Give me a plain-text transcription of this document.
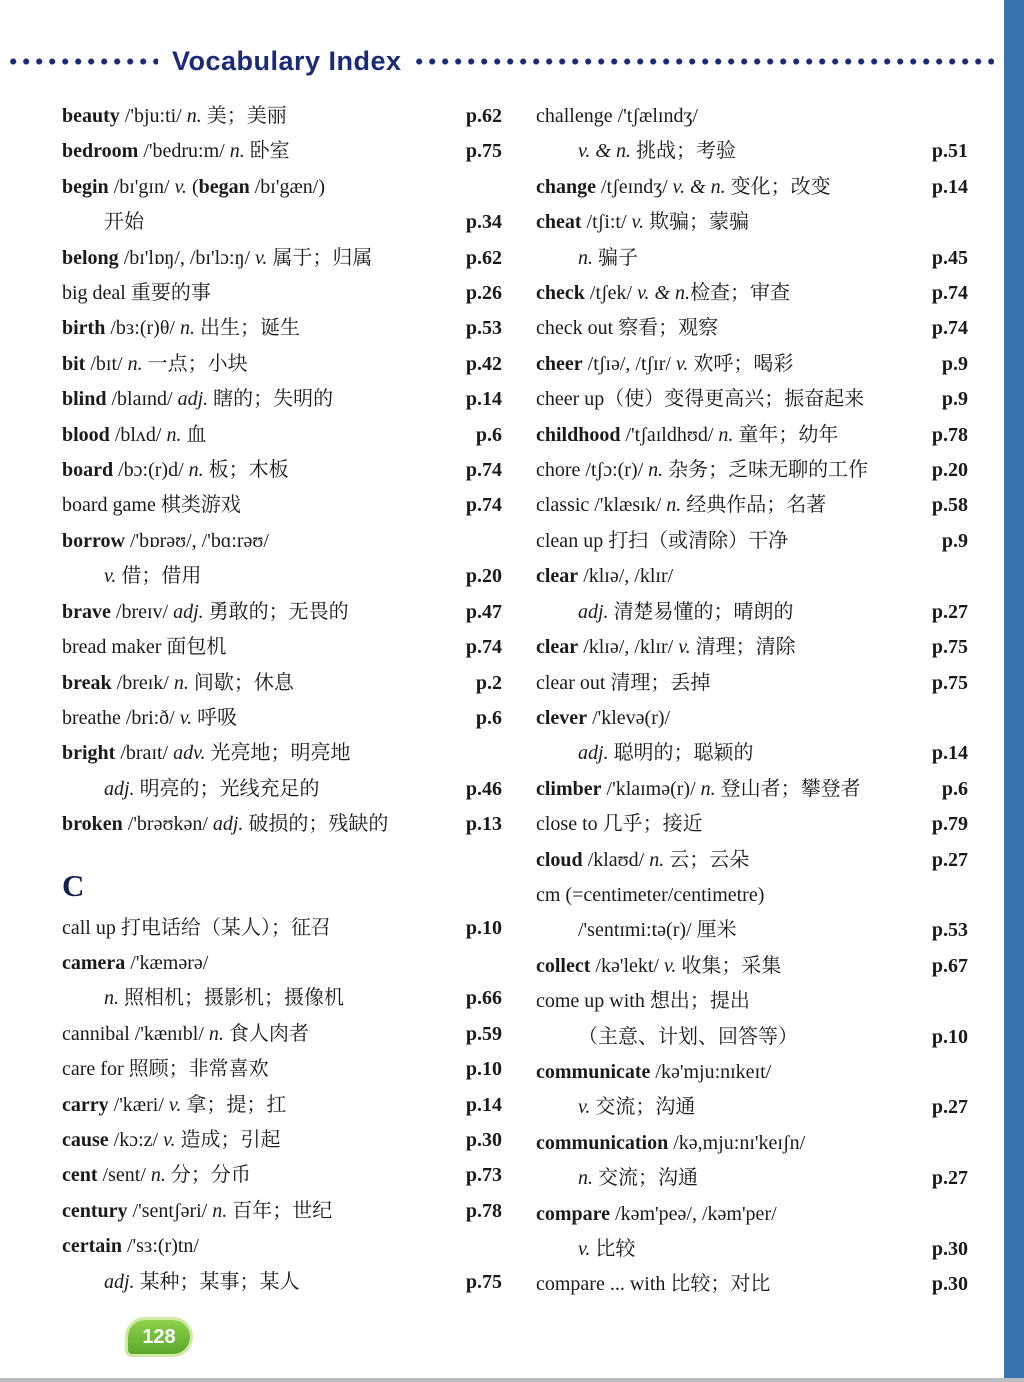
Vocabulary Index
beauty /'bju:ti/ n. 美；美丽	p.62
bedroom /'bedru:m/ n. 卧室	p.75
begin /bɪ'gɪn/ v. (began /bɪ'gæn/)
开始	p.34
belong /bɪ'lɒŋ/, /bɪ'lɔ:ŋ/ v. 属于；归属	p.62
big deal 重要的事	p.26
birth /bɜ:(r)θ/ n. 出生；诞生	p.53
bit /bɪt/ n. 一点；小块	p.42
blind /blaɪnd/ adj. 瞎的；失明的	p.14
blood /blʌd/ n. 血	p.6
board /bɔ:(r)d/ n. 板；木板	p.74
board game 棋类游戏	p.74
borrow /'bɒrəʊ/, /'bɑ:rəʊ/
v. 借；借用	p.20
brave /breɪv/ adj. 勇敢的；无畏的	p.47
bread maker 面包机	p.74
break /breɪk/ n. 间歇；休息	p.2
breathe /bri:ð/ v. 呼吸	p.6
bright /braɪt/ adv. 光亮地；明亮地
adj. 明亮的；光线充足的	p.46
broken /'brəʊkən/ adj. 破损的；残缺的	p.13
C
call up 打电话给（某人）；征召	p.10
camera /'kæmərə/
n. 照相机；摄影机；摄像机	p.66
cannibal /'kænɪbl/ n. 食人肉者	p.59
care for 照顾；非常喜欢	p.10
carry /'kæri/ v. 拿；提；扛	p.14
cause /kɔ:z/ v. 造成；引起	p.30
cent /sent/ n. 分；分币	p.73
century /'sentʃəri/ n. 百年；世纪	p.78
certain /'sɜ:(r)tn/
adj. 某种；某事；某人	p.75
challenge /'tʃælɪndʒ/
v. & n. 挑战；考验	p.51
change /tʃeɪndʒ/ v. & n. 变化；改变	p.14
cheat /tʃi:t/ v. 欺骗；蒙骗
n. 骗子	p.45
check /tʃek/ v. & n.检查；审查	p.74
check out 察看；观察	p.74
cheer /tʃɪə/, /tʃɪr/ v. 欢呼；喝彩	p.9
cheer up（使）变得更高兴；振奋起来	p.9
childhood /'tʃaɪldhʊd/ n. 童年；幼年	p.78
chore /tʃɔ:(r)/ n. 杂务；乏味无聊的工作	p.20
classic /'klæsɪk/ n. 经典作品；名著	p.58
clean up 打扫（或清除）干净	p.9
clear /klɪə/, /klɪr/
adj. 清楚易懂的；晴朗的	p.27
clear /klɪə/, /klɪr/ v. 清理；清除	p.75
clear out 清理；丢掉	p.75
clever /'klevə(r)/
adj. 聪明的；聪颖的	p.14
climber /'klaɪmə(r)/ n. 登山者；攀登者	p.6
close to 几乎；接近	p.79
cloud /klaʊd/ n. 云；云朵	p.27
cm (=centimeter/centimetre)
/'sentɪmi:tə(r)/ 厘米	p.53
collect /kə'lekt/ v. 收集；采集	p.67
come up with 想出；提出
（主意、计划、回答等）	p.10
communicate /kə'mju:nɪkeɪt/
v. 交流；沟通	p.27
communication /kə,mju:nɪ'keɪʃn/
n. 交流；沟通	p.27
compare /kəm'peə/, /kəm'per/
v. 比较	p.30
compare ... with 比较；对比	p.30
128
